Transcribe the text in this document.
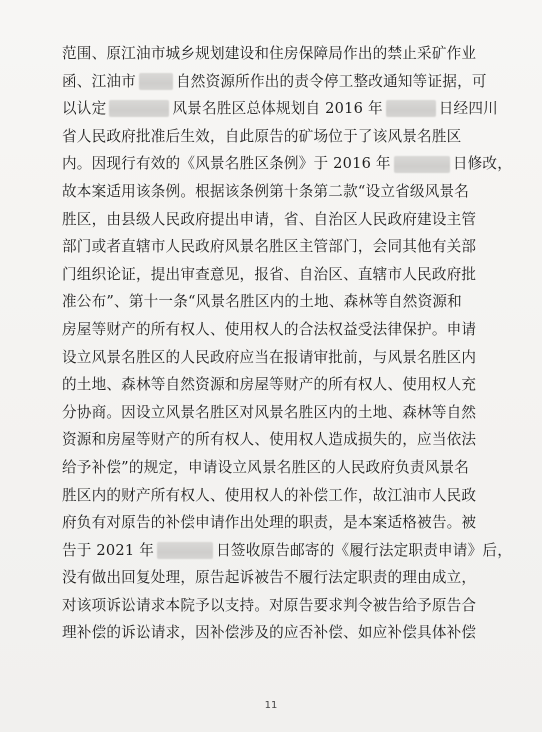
范围、原江油市城乡规划建设和住房保障局作出的禁止采矿作业
函、江油市	自然资源所作出的责令停工整改通知等证据，可
以认定	风景名胜区总体规划自 2016 年	日经四川
省人民政府批准后生效，自此原告的矿场位于了该风景名胜区
内。因现行有效的《风景名胜区条例》于 2016 年	日修改，
故本案适用该条例。根据该条例第十条第二款“设立省级风景名
胜区，由县级人民政府提出申请，省、自治区人民政府建设主管
部门或者直辖市人民政府风景名胜区主管部门，会同其他有关部
门组织论证，提出审查意见，报省、自治区、直辖市人民政府批
准公布”、第十一条“风景名胜区内的土地、森林等自然资源和
房屋等财产的所有权人、使用权人的合法权益受法律保护。申请
设立风景名胜区的人民政府应当在报请审批前，与风景名胜区内
的土地、森林等自然资源和房屋等财产的所有权人、使用权人充
分协商。因设立风景名胜区对风景名胜区内的土地、森林等自然
资源和房屋等财产的所有权人、使用权人造成损失的，应当依法
给予补偿”的规定，申请设立风景名胜区的人民政府负责风景名
胜区内的财产所有权人、使用权人的补偿工作，故江油市人民政
府负有对原告的补偿申请作出处理的职责，是本案适格被告。被
告于 2021 年	日签收原告邮寄的《履行法定职责申请》后，
没有做出回复处理，原告起诉被告不履行法定职责的理由成立，
对该项诉讼请求本院予以支持。对原告要求判令被告给予原告合
理补偿的诉讼请求，因补偿涉及的应否补偿、如应补偿具体补偿
11
